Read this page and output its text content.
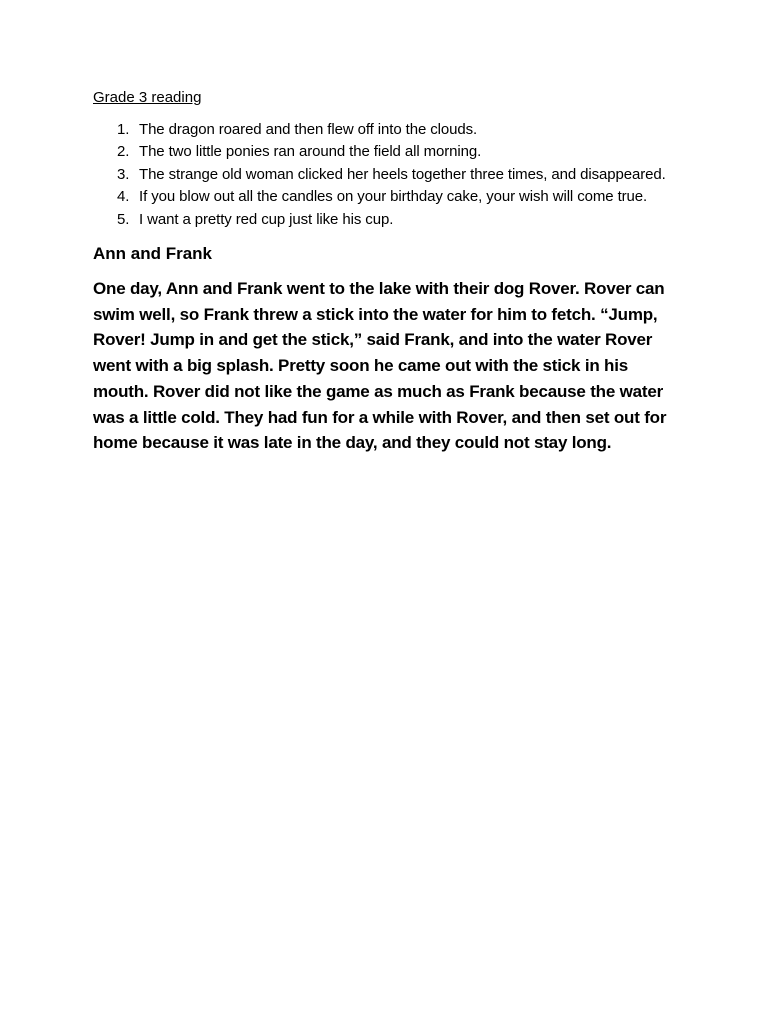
Grade 3 reading
1. The dragon roared and then flew off into the clouds.
2. The two little ponies ran around the field all morning.
3. The strange old woman clicked her heels together three times, and disappeared.
4. If you blow out all the candles on your birthday cake, your wish will come true.
5. I want a pretty red cup just like his cup.
Ann and Frank

One day, Ann and Frank went to the lake with their dog Rover. Rover can swim well, so Frank threw a stick into the water for him to fetch. “Jump, Rover! Jump in and get the stick,” said Frank, and into the water Rover went with a big splash. Pretty soon he came out with the stick in his mouth. Rover did not like the game as much as Frank because the water was a little cold. They had fun for a while with Rover, and then set out for home because it was late in the day, and they could not stay long.
